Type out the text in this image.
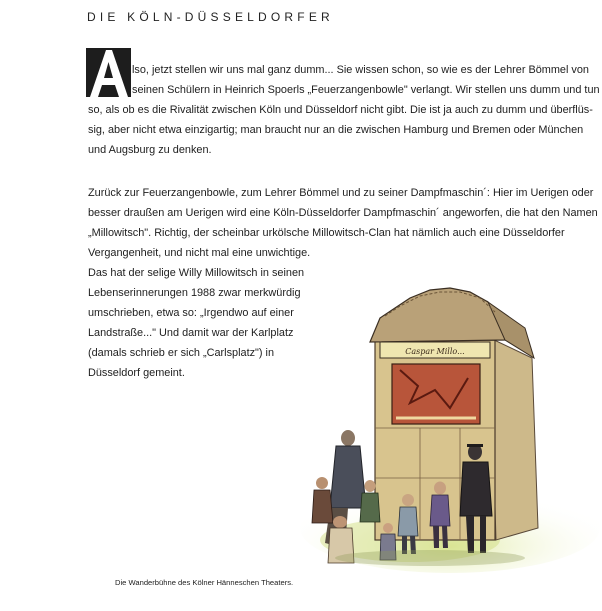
DIE KÖLN-DÜSSELDORFER
lso, jetzt stellen wir uns mal ganz dumm... Sie wissen schon, so wie es der Lehrer Bömmel von
seinen Schülern in Heinrich Spoerls „Feuerzangenbowle" verlangt. Wir stellen uns dumm und tun
so, als ob es die Rivalität zwischen Köln und Düsseldorf nicht gibt. Die ist ja auch zu dumm und überflüs-
sig, aber nicht etwa einzigartig; man braucht nur an die zwischen Hamburg und Bremen oder München
und Augsburg zu denken.
Zurück zur Feuerzangenbowle, zum Lehrer Bömmel und zu seiner Dampfmaschin´: Hier im Uerigen oder
besser draußen am Uerigen wird eine Köln-Düsseldorfer Dampfmaschin´ angeworfen, die hat den Namen
„Millowitsch". Richtig, der scheinbar urkölsche Millowitsch-Clan hat nämlich auch eine Düsseldorfer
Vergangenheit, und nicht mal eine unwichtige.
Das hat der selige Willy Millowitsch in seinen
Lebenserinnerungen 1988 zwar merkwürdig
umschrieben, etwa so: „Irgendwo auf einer
Landstraße..." Und damit war der Karlplatz
(damals schrieb er sich „Carlsplatz") in
Düsseldorf gemeint.
Caspar Millo...
Die Wanderbühne des Kölner Hänneschen Theaters.
